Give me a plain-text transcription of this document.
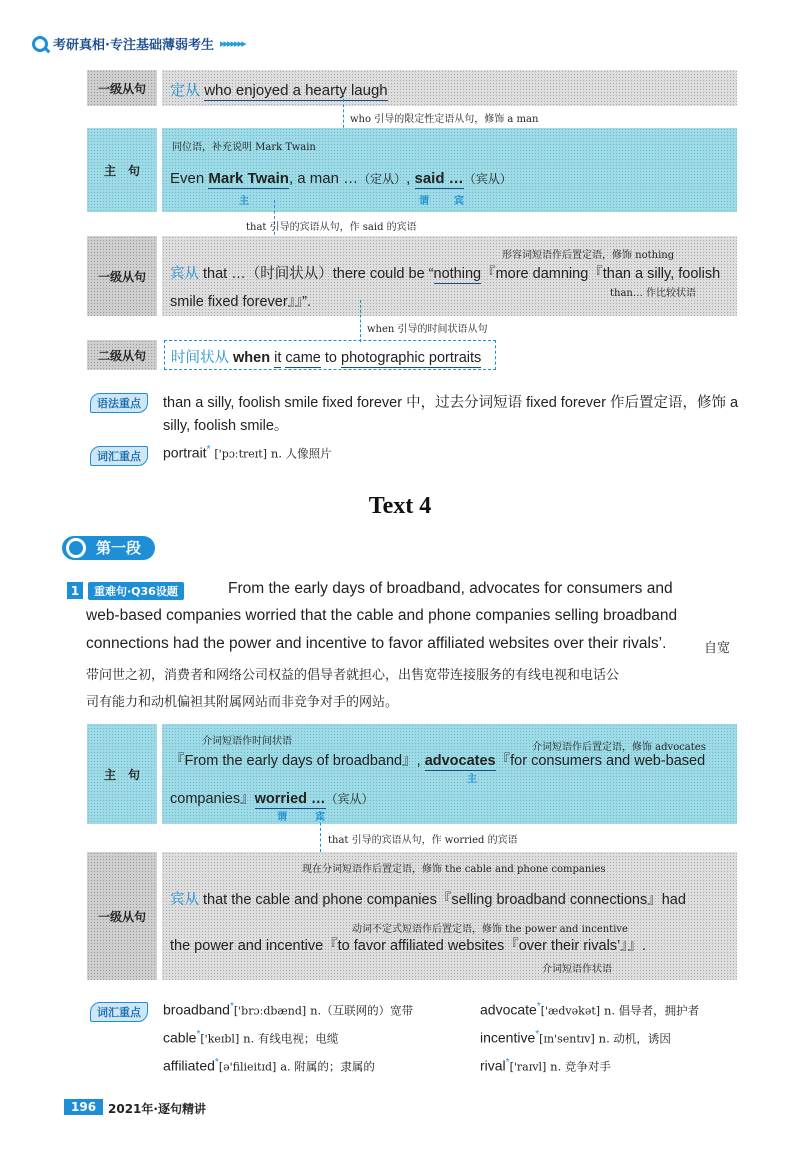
考研真相·专注基础薄弱考生 ▸▸▸▸▸▸▸
一级从句	定从 who enjoyed a hearty laugh
who 引导的限定性定语从句，修饰 a man
主　句
同位语，补充说明 Mark Twain
Even Mark Twain, a man …（定从）, said …（宾从）
主	谓	宾
that 引导的宾语从句，作 said 的宾语
一级从句
形容词短语作后置定语，修饰 nothing
宾从 that …（时间状从）there could be “nothing『more damning『than a silly, foolish
smile fixed forever』』”.
than… 作比较状语
when 引导的时间状语从句
二级从句	时间状从 when it came to photographic portraits
语法重点	than a silly, foolish smile fixed forever 中，过去分词短语 fixed forever 作后置定语，修饰 a
silly, foolish smile。
词汇重点	portrait* ['pɔːtreɪt] n. 人像照片
Text 4
第一段
1	重难句·Q36设题	From the early days of broadband, advocates for consumers and
web-based companies worried that the cable and phone companies selling broadband
connections had the power and incentive to favor affiliated websites over their rivals’.	自宽
带问世之初，消费者和网络公司权益的倡导者就担心，出售宽带连接服务的有线电视和电话公
司有能力和动机偏袒其附属网站而非竞争对手的网站。
主　句
介词短语作时间状语
介词短语作后置定语，修饰 advocates
『From the early days of broadband』, advocates『for consumers and web-based
主
companies』worried …（宾从）
谓	宾
that 引导的宾语从句，作 worried 的宾语
一级从句
现在分词短语作后置定语，修饰 the cable and phone companies
宾从 that the cable and phone companies『selling broadband connections』had
动词不定式短语作后置定语，修饰 the power and incentive
the power and incentive『to favor affiliated websites『over their rivals’』』.
介词短语作状语
词汇重点	broadband*['brɔːdbænd] n.（互联网的）宽带	advocate*['ædvəkət] n. 倡导者，拥护者
cable*['keɪbl] n. 有线电视；电缆	incentive*[ɪn'sentɪv] n. 动机，诱因
affiliated*[ə'filieitɪd] a. 附属的；隶属的	rival*['raɪvl] n. 竞争对手
196 2021年·逐句精讲
